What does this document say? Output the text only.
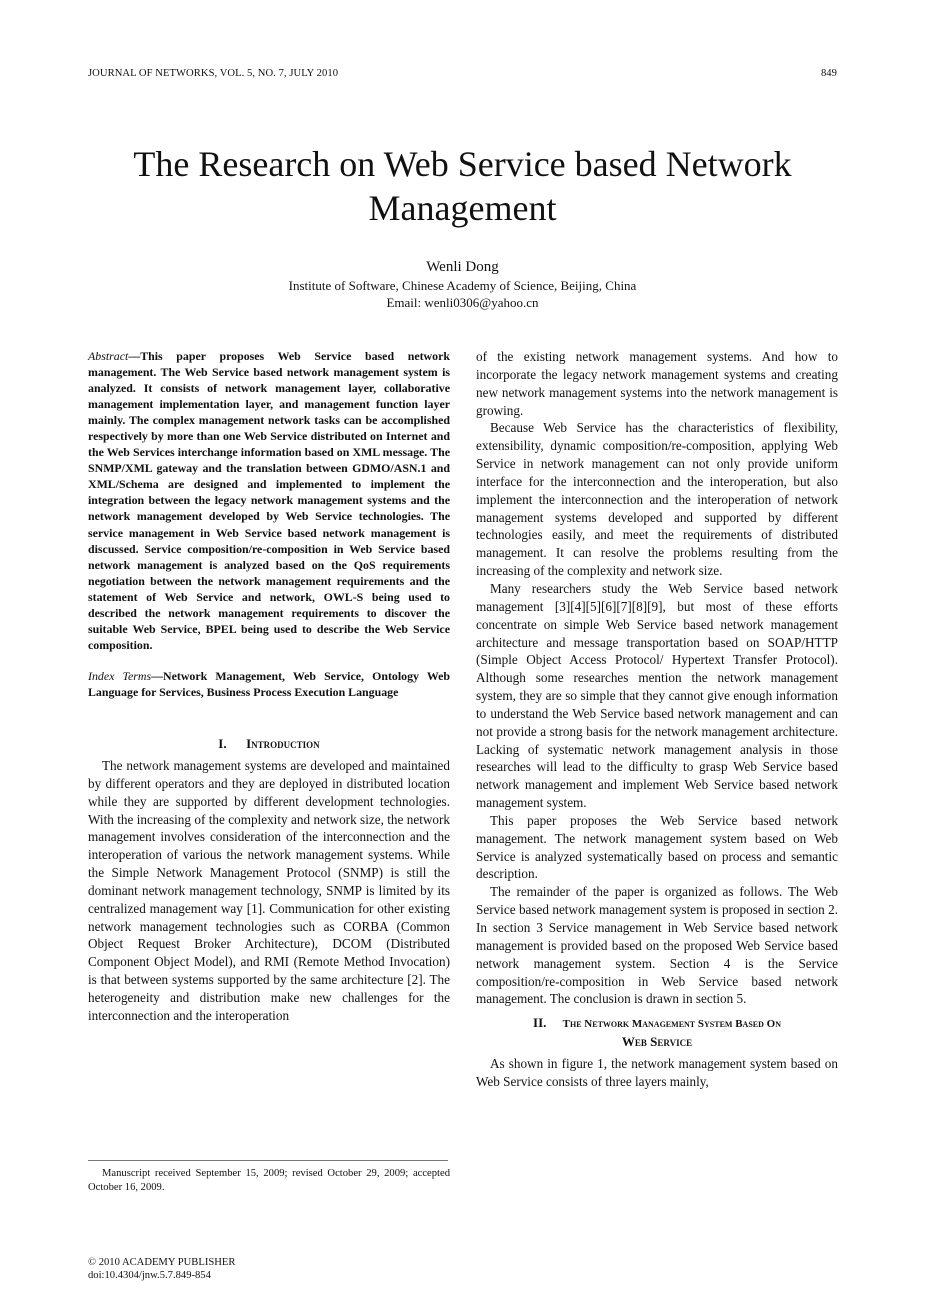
JOURNAL OF NETWORKS, VOL. 5, NO. 7, JULY 2010	849
The Research on Web Service based Network Management
Wenli Dong
Institute of Software, Chinese Academy of Science, Beijing, China
Email: wenli0306@yahoo.cn

Abstract—This paper proposes Web Service based network management. The Web Service based network management system is analyzed. It consists of network management layer, collaborative management implementation layer, and management function layer mainly. The complex management network tasks can be accomplished respectively by more than one Web Service distributed on Internet and the Web Services interchange information based on XML message. The SNMP/XML gateway and the translation between GDMO/ASN.1 and XML/Schema are designed and implemented to implement the integration between the legacy network management systems and the network management developed by Web Service technologies. The service management in Web Service based network management is discussed. Service composition/re-composition in Web Service based network management is analyzed based on the QoS requirements negotiation between the network management requirements and the statement of Web Service and network, OWL-S being used to described the network management requirements to discover the suitable Web Service, BPEL being used to describe the Web Service composition.

Index Terms—Network Management, Web Service, Ontology Web Language for Services, Business Process Execution Language

I. Introduction

The network management systems are developed and maintained by different operators and they are deployed in distributed location while they are supported by different development technologies. With the increasing of the complexity and network size, the network management involves consideration of the interconnection and the interoperation of various the network management systems. While the Simple Network Management Protocol (SNMP) is still the dominant network management technology, SNMP is limited by its centralized management way [1]. Communication for other existing network management technologies such as CORBA (Common Object Request Broker Architecture), DCOM (Distributed Component Object Model), and RMI (Remote Method Invocation) is that between systems supported by the same architecture [2]. The heterogeneity and distribution make new challenges for the interconnection and the interoperation

of the existing network management systems. And how to incorporate the legacy network management systems and creating new network management systems into the network management is growing.

Because Web Service has the characteristics of flexibility, extensibility, dynamic composition/re-composition, applying Web Service in network management can not only provide uniform interface for the interconnection and the interoperation, but also implement the interconnection and the interoperation of network management systems developed and supported by different technologies easily, and meet the requirements of distributed management. It can resolve the problems resulting from the increasing of the complexity and network size.

Many researchers study the Web Service based network management [3][4][5][6][7][8][9], but most of these efforts concentrate on simple Web Service based network management architecture and message transportation based on SOAP/HTTP (Simple Object Access Protocol/ Hypertext Transfer Protocol). Although some researches mention the network management system, they are so simple that they cannot give enough information to understand the Web Service based network management and can not provide a strong basis for the network management architecture. Lacking of systematic network management analysis in those researches will lead to the difficulty to grasp Web Service based network management and implement Web Service based network management system.

This paper proposes the Web Service based network management. The network management system based on Web Service is analyzed systematically based on process and semantic description.

The remainder of the paper is organized as follows. The Web Service based network management system is proposed in section 2. In section 3 Service management in Web Service based network management is provided based on the proposed Web Service based network management system. Section 4 is the Service composition/re-composition in Web Service based network management. The conclusion is drawn in section 5.

II. The Network Management System Based On
Web Service

As shown in figure 1, the network management system based on Web Service consists of three layers mainly,

Manuscript received September 15, 2009; revised October 29, 2009; accepted October 16, 2009.
© 2010 ACADEMY PUBLISHER
doi:10.4304/jnw.5.7.849-854
